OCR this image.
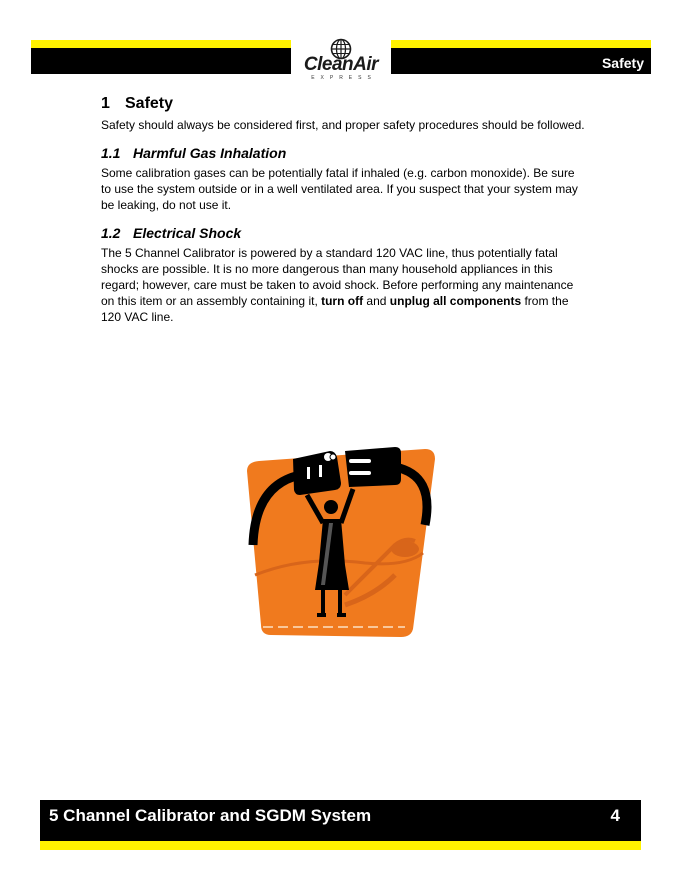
Safety
CleanAir
EXPRESS
1 Safety

Safety should always be considered first, and proper safety procedures should be followed.

1.1 Harmful Gas Inhalation

Some calibration gases can be potentially fatal if inhaled (e.g. carbon monoxide). Be sure to use the system outside or in a well ventilated area. If you suspect that your system may be leaking, do not use it.

1.2 Electrical Shock

The 5 Channel Calibrator is powered by a standard 120 VAC line, thus potentially fatal shocks are possible. It is no more dangerous than many household appliances in this regard; however, care must be taken to avoid shock. Before performing any maintenance on this item or an assembly containing it, turn off and unplug all components from the 120 VAC line.

5 Channel Calibrator and SGDM System	4
